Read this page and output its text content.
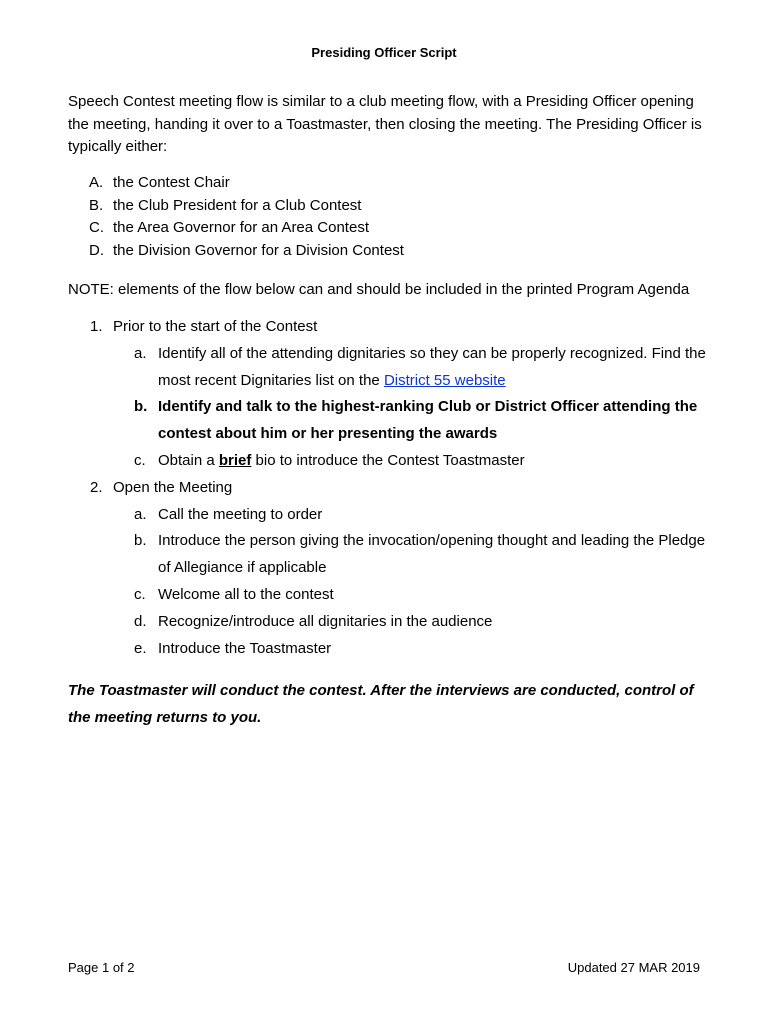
Presiding Officer Script
Speech Contest meeting flow is similar to a club meeting flow, with a Presiding Officer opening the meeting, handing it over to a Toastmaster, then closing the meeting. The Presiding Officer is typically either:
A. the Contest Chair
B. the Club President for a Club Contest
C. the Area Governor for an Area Contest
D. the Division Governor for a Division Contest
NOTE: elements of the flow below can and should be included in the printed Program Agenda
1. Prior to the start of the Contest
a. Identify all of the attending dignitaries so they can be properly recognized. Find the most recent Dignitaries list on the District 55 website
b. Identify and talk to the highest-ranking Club or District Officer attending the contest about him or her presenting the awards
c. Obtain a brief bio to introduce the Contest Toastmaster
2. Open the Meeting
a. Call the meeting to order
b. Introduce the person giving the invocation/opening thought and leading the Pledge of Allegiance if applicable
c. Welcome all to the contest
d. Recognize/introduce all dignitaries in the audience
e. Introduce the Toastmaster
The Toastmaster will conduct the contest. After the interviews are conducted, control of the meeting returns to you.
Page 1 of 2	Updated 27 MAR 2019
